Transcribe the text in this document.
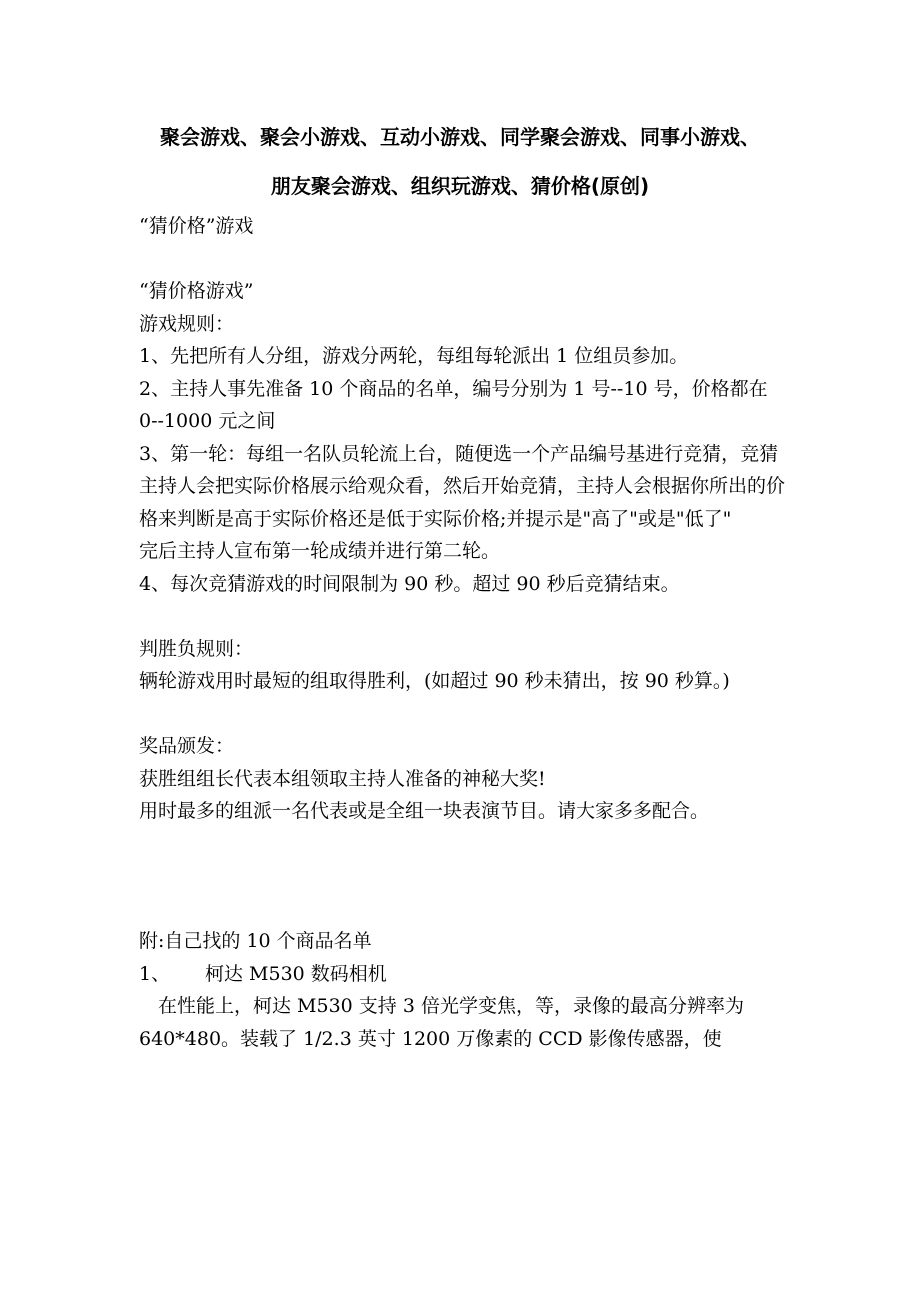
聚会游戏、聚会小游戏、互动小游戏、同学聚会游戏、同事小游戏、
朋友聚会游戏、组织玩游戏、猜价格(原创)

“猜价格”游戏

“猜价格游戏”

游戏规则：

1、先把所有人分组，游戏分两轮，每组每轮派出 1 位组员参加。

2、主持人事先准备 10 个商品的名单，编号分别为 1 号--10 号，价格都在 0--1000 元之间

3、第一轮：每组一名队员轮流上台，随便选一个产品编号基进行竞猜，竞猜主持人会把实际价格展示给观众看，然后开始竞猜，主持人会根据你所出的价格来判断是高于实际价格还是低于实际价格;并提示是"高了"或是"低了"

完后主持人宣布第一轮成绩并进行第二轮。

4、每次竞猜游戏的时间限制为 90 秒。超过 90 秒后竞猜结束。

判胜负规则：

辆轮游戏用时最短的组取得胜利，(如超过 90 秒未猜出，按 90 秒算。)

奖品颁发：

获胜组组长代表本组领取主持人准备的神秘大奖!

用时最多的组派一名代表或是全组一块表演节目。请大家多多配合。

附:自己找的 10 个商品名单

1、	柯达 M530 数码相机

在性能上，柯达 M530 支持 3 倍光学变焦，等，录像的最高分辨率为 640*480。装载了 1/2.3 英寸 1200 万像素的 CCD 影像传感器，使
